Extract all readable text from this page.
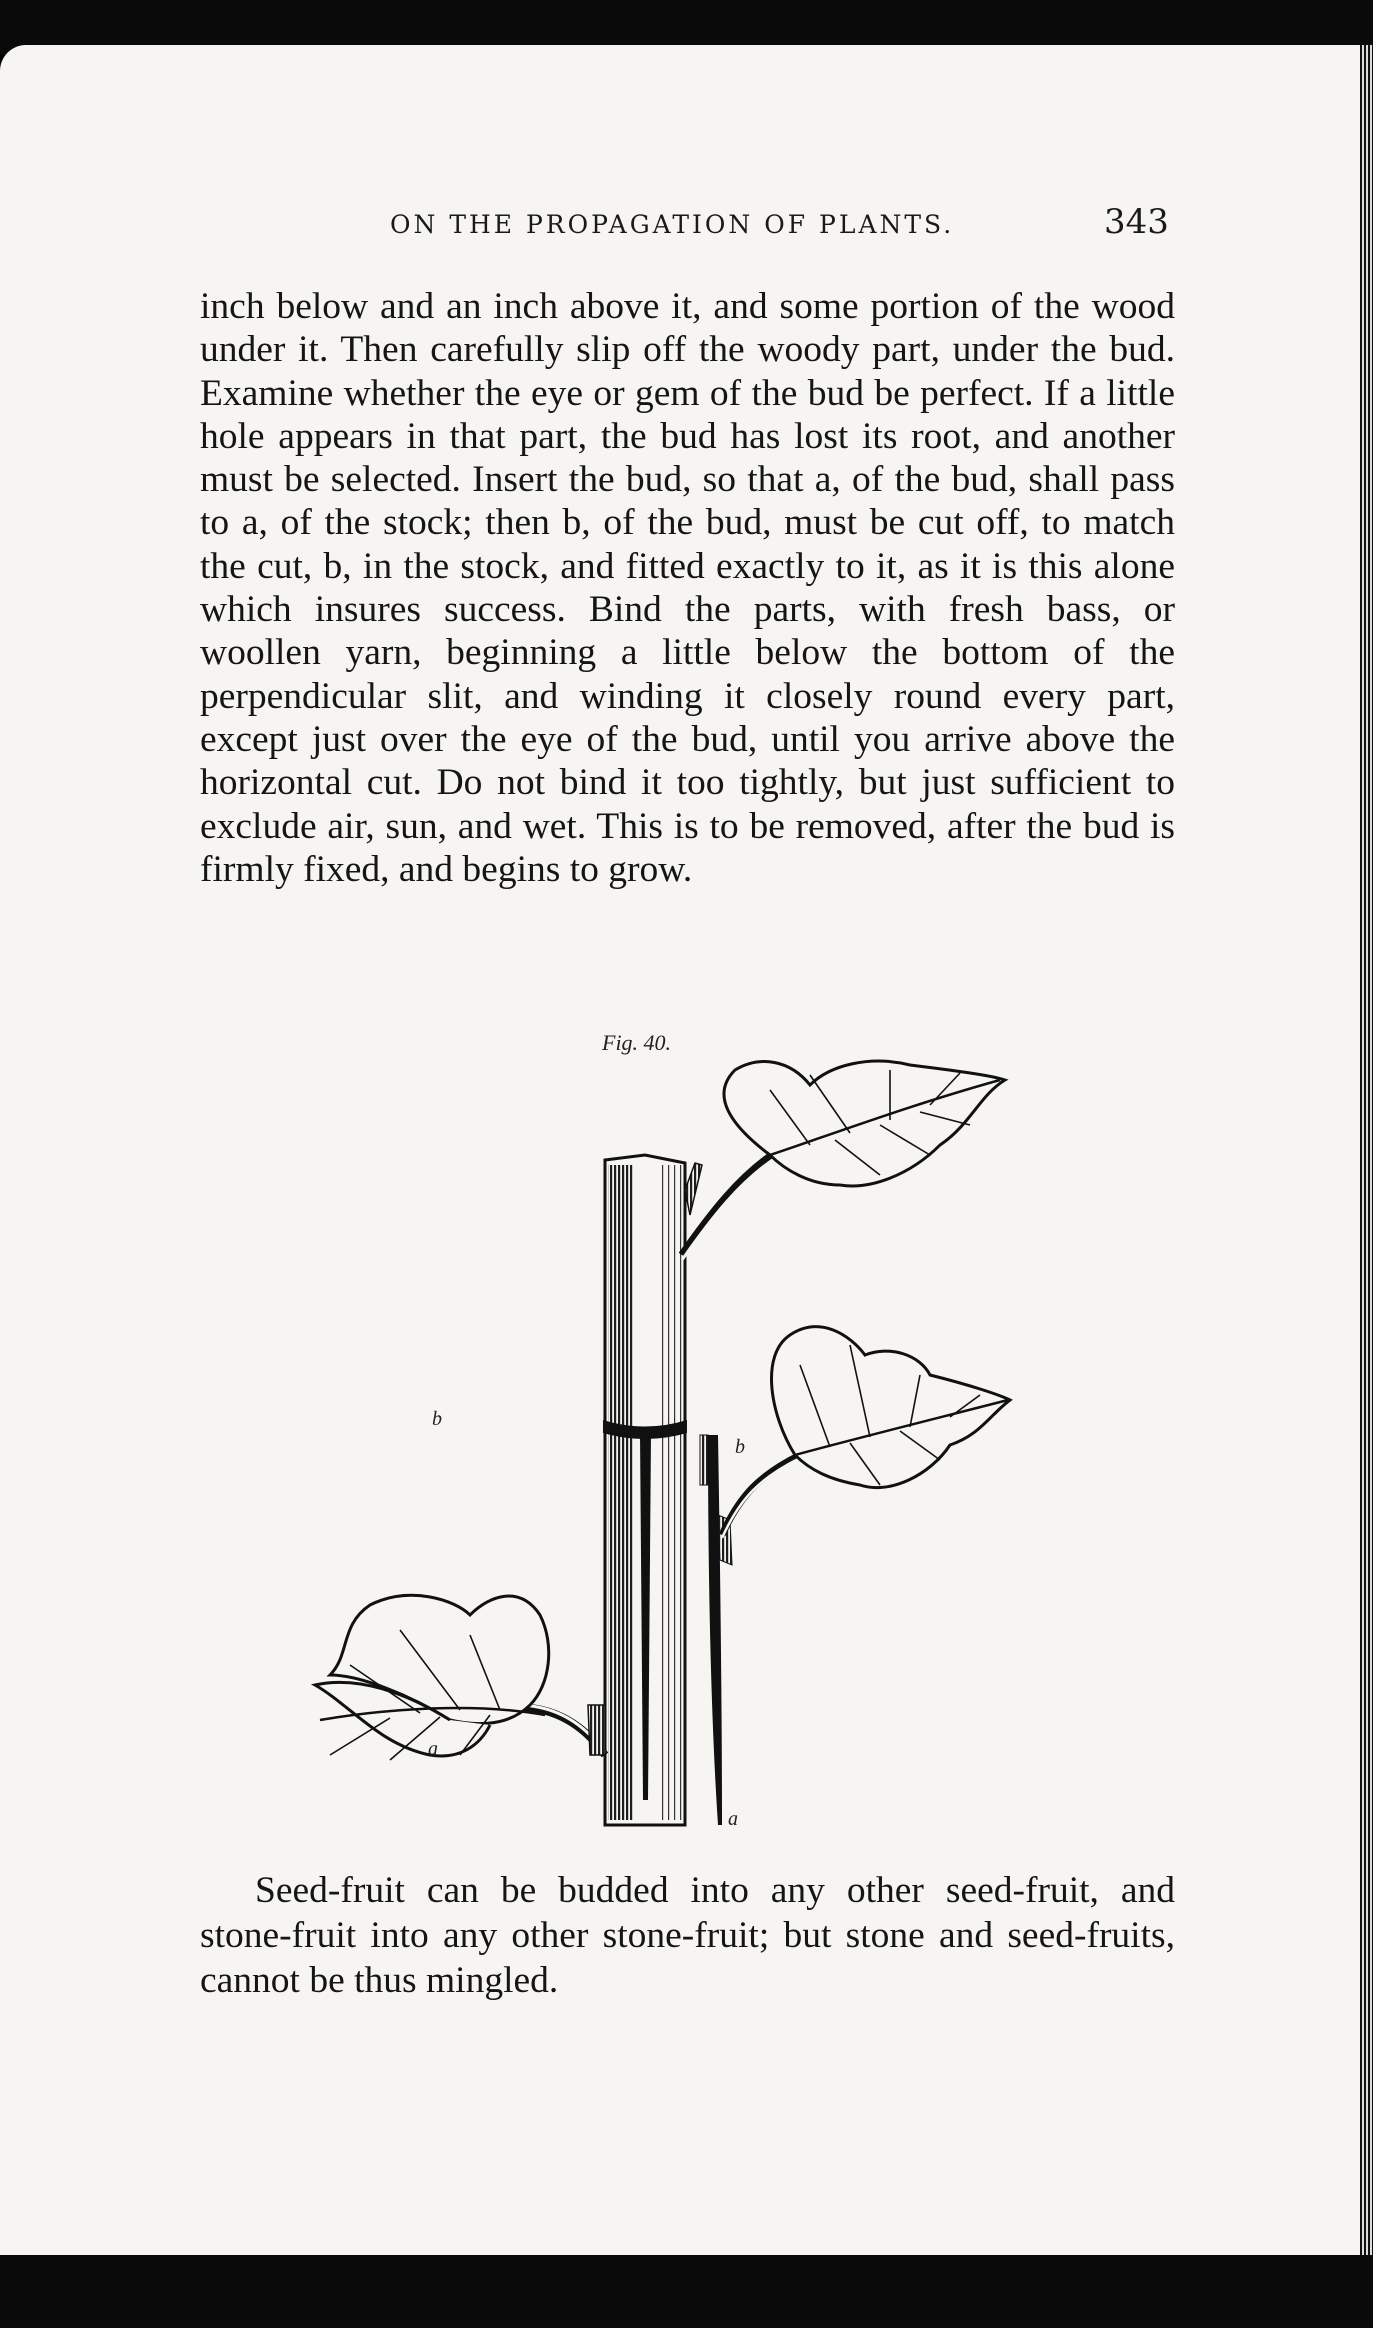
ON THE PROPAGATION OF PLANTS.	343

inch below and an inch above it, and some portion of the wood under it. Then carefully slip off the woody part, under the bud. Examine whether the eye or gem of the bud be perfect. If a little hole appears in that part, the bud has lost its root, and another must be selected. Insert the bud, so that a, of the bud, shall pass to a, of the stock; then b, of the bud, must be cut off, to match the cut, b, in the stock, and fitted exactly to it, as it is this alone which insures success. Bind the parts, with fresh bass, or woollen yarn, beginning a little below the bottom of the perpendicular slit, and winding it closely round every part, except just over the eye of the bud, until you arrive above the horizontal cut. Do not bind it too tightly, but just sufficient to exclude air, sun, and wet. This is to be removed, after the bud is firmly fixed, and begins to grow.

Fig. 40.
b
a
b
a

Seed-fruit can be budded into any other seed-fruit, and stone-fruit into any other stone-fruit; but stone and seed-fruits, cannot be thus mingled.
